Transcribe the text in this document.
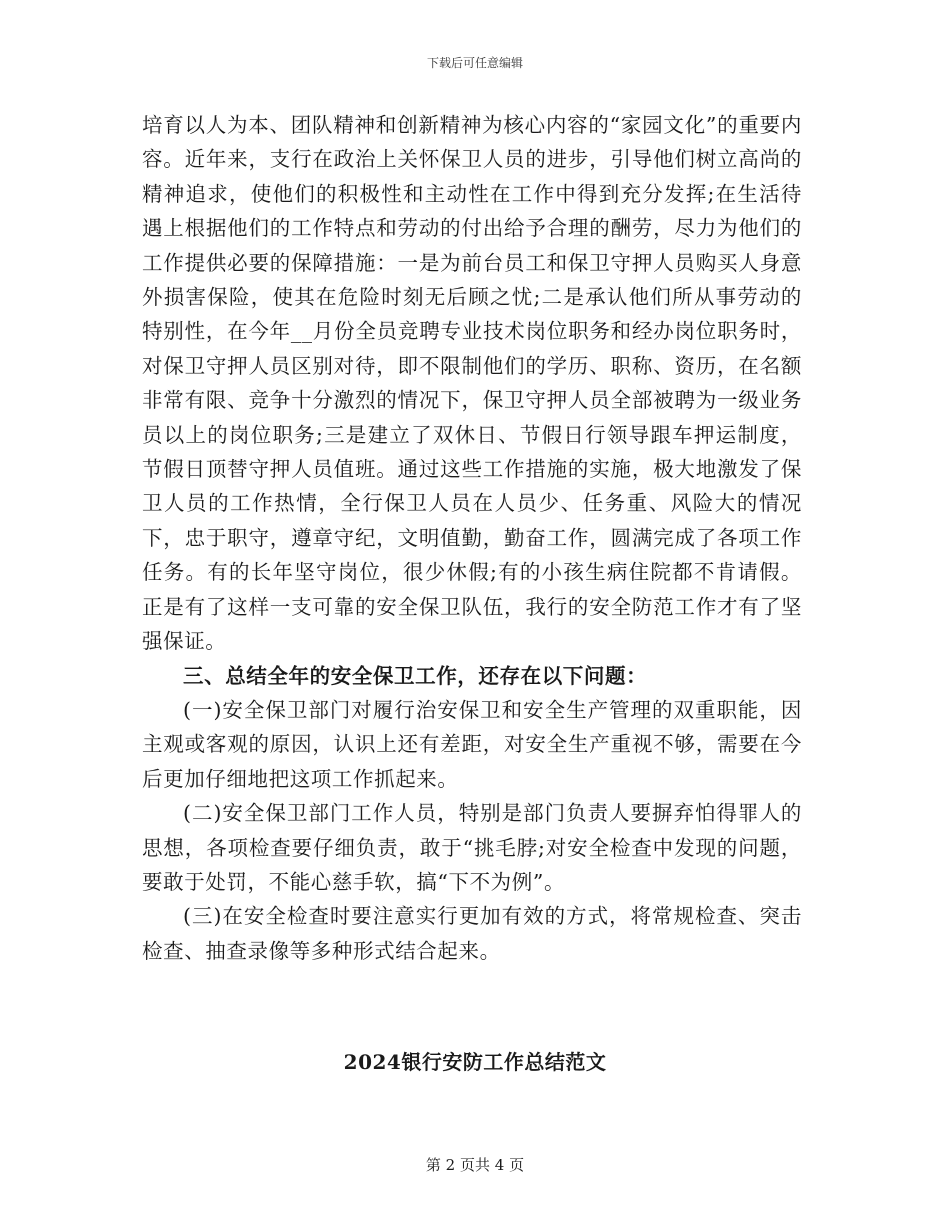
下载后可任意编辑

培育以人为本、团队精神和创新精神为核心内容的“家园文化”的重要内容。近年来，支行在政治上关怀保卫人员的进步，引导他们树立高尚的精神追求，使他们的积极性和主动性在工作中得到充分发挥;在生活待遇上根据他们的工作特点和劳动的付出给予合理的酬劳，尽力为他们的工作提供必要的保障措施：一是为前台员工和保卫守押人员购买人身意外损害保险，使其在危险时刻无后顾之忧;二是承认他们所从事劳动的特别性，在今年__月份全员竞聘专业技术岗位职务和经办岗位职务时，对保卫守押人员区别对待，即不限制他们的学历、职称、资历，在名额非常有限、竞争十分激烈的情况下，保卫守押人员全部被聘为一级业务员以上的岗位职务;三是建立了双休日、节假日行领导跟车押运制度，节假日顶替守押人员值班。通过这些工作措施的实施，极大地激发了保卫人员的工作热情，全行保卫人员在人员少、任务重、风险大的情况下，忠于职守，遵章守纪，文明值勤，勤奋工作，圆满完成了各项工作任务。有的长年坚守岗位，很少休假;有的小孩生病住院都不肯请假。正是有了这样一支可靠的安全保卫队伍，我行的安全防范工作才有了坚强保证。

三、总结全年的安全保卫工作，还存在以下问题：

(一)安全保卫部门对履行治安保卫和安全生产管理的双重职能，因主观或客观的原因，认识上还有差距，对安全生产重视不够，需要在今后更加仔细地把这项工作抓起来。

(二)安全保卫部门工作人员，特别是部门负责人要摒弃怕得罪人的思想，各项检查要仔细负责，敢于“挑毛脖;对安全检查中发现的问题，要敢于处罚，不能心慈手软，搞“下不为例”。

(三)在安全检查时要注意实行更加有效的方式，将常规检查、突击检查、抽查录像等多种形式结合起来。

2024银行安防工作总结范文
第 2 页共 4 页
